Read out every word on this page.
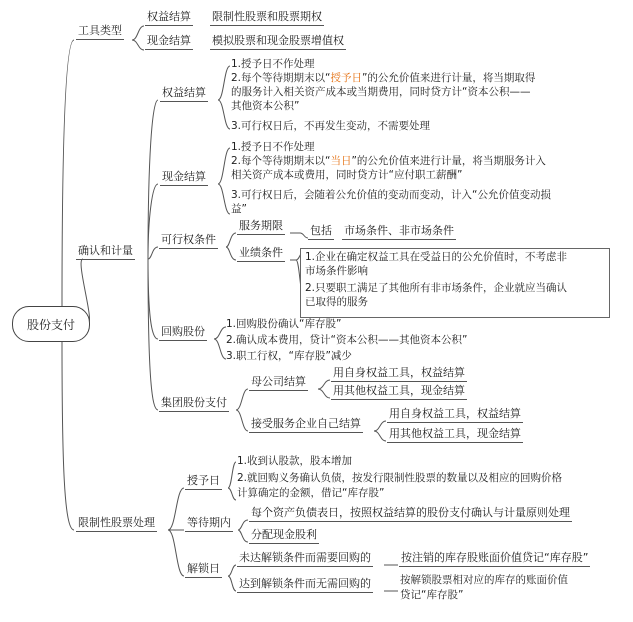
股份支付
工具类型
权益结算 限制性股票和股票期权
现金结算 模拟股票和现金股票增值权
确认和计量
权益结算
1.授予日不作处理
2.每个等待期期末以“授予日”的公允价值来进行计量，将当期取得
的服务计入相关资产成本或当期费用，同时贷方计“资本公积——
其他资本公积”
3.可行权日后，不再发生变动，不需要处理
现金结算
1.授予日不作处理
2.每个等待期期末以“当日”的公允价值来进行计量，将当期服务计入
相关资产成本或费用，同时贷方计“应付职工薪酬”
3.可行权日后，会随着公允价值的变动而变动，计入“公允价值变动损
益”
可行权条件
服务期限
业绩条件
包括 市场条件、非市场条件
1.企业在确定权益工具在受益日的公允价值时，不考虑非
市场条件影响
2.只要职工满足了其他所有非市场条件，企业就应当确认
已取得的服务
回购股份
1.回购股份确认“库存股”
2.确认成本费用，贷计“资本公积——其他资本公积”
3.职工行权，“库存股”减少
集团股份支付
母公司结算
用自身权益工具，权益结算
用其他权益工具，现金结算
接受服务企业自己结算
用自身权益工具，权益结算
用其他权益工具，现金结算
限制性股票处理
授予日
1.收到认股款，股本增加
2.就回购义务确认负债，按发行限制性股票的数量以及相应的回购价格
计算确定的金额，借记“库存股”
等待期内
每个资产负债表日，按照权益结算的股份支付确认与计量原则处理
分配现金股利
解锁日
未达解锁条件而需要回购的	按注销的库存股账面价值贷记“库存股”
达到解锁条件而无需回购的	按解锁股票相对应的库存的账面价值
贷记“库存股”
